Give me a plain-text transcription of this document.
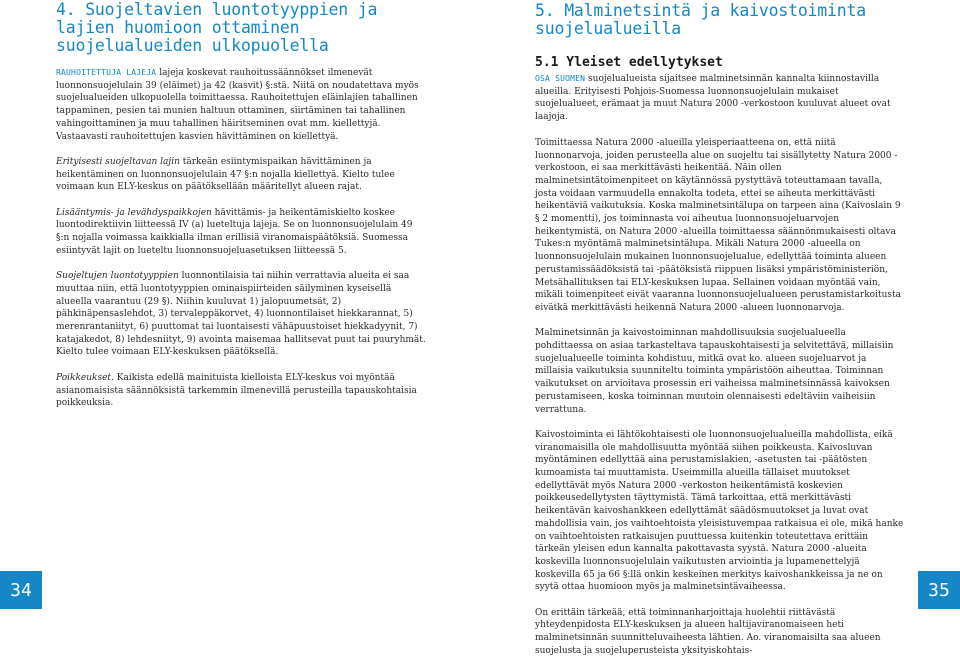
4. Suojeltavien luontotyyppien ja lajien huomioon ottaminen suojelualueiden ulkopuolella

RAUHOITETTUJA LAJEJA lajeja koskevat rauhoitussäännökset ilmenevät luonnonsuojelulain 39 (eläimet) ja 42 (kasvit) §:stä. Niitä on noudatettava myös suojelualueiden ulkopuolella toimittaessa. Rauhoitettujen eläinlajien tahallinen tappaminen, pesien tai munien haltuun ottaminen, siirtäminen tai tahallinen vahingoittaminen ja muu tahallinen häiritseminen ovat mm. kiellettyjä. Vastaavasti rauhoitettujen kasvien hävittäminen on kiellettyä.

Erityisesti suojeltavan lajin tärkeän esiintymispaikan hävittäminen ja heikentäminen on luonnonsuojelulain 47 §:n nojalla kiellettyä. Kielto tulee voimaan kun ELY-keskus on päätöksellään määritellyt alueen rajat.

Lisääntymis- ja levähdyspaikkojen hävittämis- ja heikentämiskielto koskee luontodirektiivin liitteessä IV (a) lueteltuja lajeja. Se on luonnonsuojelulain 49 §:n nojalla voimassa kaikkialla ilman erillisiä viranomaispäätöksiä. Suomessa esiintyvät lajit on lueteltu luonnonsuojeluasetuksen liitteessä 5.

Suojeltujen luontotyyppien luonnontilaisia tai niihin verrattavia alueita ei saa muuttaa niin, että luontotyyppien ominaispiirteiden säilyminen kyseisellä alueella vaarantuu (29 §). Niihin kuuluvat 1) jalopuumetsät, 2) pähkinäpensaslehdot, 3) tervaleppäkorvet, 4) luonnontilaiset hiekkarannat, 5) merenrantaniityt, 6) puuttomat tai luontaisesti vähäpuustoiset hiekkadyynit, 7) katajakedot, 8) lehdesniityt, 9) avointa maisemaa hallitsevat puut tai puuryhmät. Kielto tulee voimaan ELY-keskuksen päätöksellä.

Poikkeukset. Kaikista edellä mainituista kielloista ELY-keskus voi myöntää asianomaisista säännöksistä tarkemmin ilmenevillä perusteilla tapauskohtaisia poikkeuksia.

5. Malminetsintä ja kaivostoiminta suojelualueilla
5.1 Yleiset edellytykset

OSA SUOMEN suojelualueista sijaitsee malminetsinnän kannalta kiinnostavilla alueilla. Erityisesti Pohjois-Suomessa luonnonsuojelulain mukaiset suojelualueet, erämaat ja muut Natura 2000 -verkostoon kuuluvat alueet ovat laajoja.

Toimittaessa Natura 2000 -alueilla yleisperiaatteena on, että niitä luonnonarvoja, joiden perusteella alue on suojeltu tai sisällytetty Natura 2000 -verkostoon, ei saa merkittävästi heikentää. Näin ollen malminetsintätoimenpiteet on käytännössä pystyttävä toteuttamaan tavalla, josta voidaan varmuudella ennakolta todeta, ettei se aiheuta merkittävästi heikentäviä vaikutuksia. Koska malminetsintälupa on tarpeen aina (Kaivoslain 9 § 2 momentti), jos toiminnasta voi aiheutua luonnonsuojeluarvojen heikentymistä, on Natura 2000 -alueilla toimittaessa säännönmukaisesti oltava Tukes:n myöntämä malminetsintälupa. Mikäli Natura 2000 -alueella on luonnonsuojelulain mukainen luonnonsuojelualue, edellyttää toiminta alueen perustamissäädöksistä tai -päätöksistä riippuen lisäksi ympäristöministeriön, Metsähallituksen tai ELY-keskuksen lupaa. Sellainen voidaan myöntää vain, mikäli toimenpiteet eivät vaaranna luonnonsuojelualueen perustamistarkoitusta eivätkä merkittävästi heikennä Natura 2000 -alueen luonnonarvoja.

Malminetsinnän ja kaivostoiminnan mahdollisuuksia suojelualueella pohdittaessa on asiaa tarkasteltava tapauskohtaisesti ja selvitettävä, millaisiin suojelualueelle toiminta kohdistuu, mitkä ovat ko. alueen suojeluarvot ja millaisia vaikutuksia suunniteltu toiminta ympäristöön aiheuttaa. Toiminnan vaikutukset on arvioitava prosessin eri vaiheissa malminetsinnässä kaivoksen perustamiseen, koska toiminnan muutoin olennaisesti edeltäviin vaiheisiin verrattuna.

Kaivostoiminta ei lähtökohtaisesti ole luonnonsuojelualueilla mahdollista, eikä viranomaisilla ole mahdollisuutta myöntää siihen poikkeusta. Kaivosluvan myöntäminen edellyttää aina perustamislakien, -asetusten tai -päätösten kumoamista tai muuttamista. Useimmilla alueilla tällaiset muutokset edellyttävät myös Natura 2000 -verkoston heikentämistä koskevien poikkeusedellytysten täyttymistä. Tämä tarkoittaa, että merkittävästi heikentävän kaivoshankkeen edellyttämät säädösmuutokset ja luvat ovat mahdollisia vain, jos vaihtoehtoista yleisistuvempaa ratkaisua ei ole, mikä hanke on vaihtoehtoisten ratkaisujen puuttuessa kuitenkin toteutettava erittäin tärkeän yleisen edun kannalta pakottavasta syystä. Natura 2000 -alueita koskevilla luonnonsuojelulain vaikutusten arviointia ja lupamenettelyjä koskevilla 65 ja 66 §:llä onkin keskeinen merkitys kaivoshankkeissa ja ne on syytä ottaa huomioon myös ja malminetsintävaiheessa.

On erittäin tärkeää, että toiminnanharjoittaja huolehtii riittävästä yhteydenpidosta ELY-keskuksen ja alueen haltijaviranomaiseen heti malminetsinnän suunnitteluvaiheesta lähtien. Ao. viranomaisilta saa alueen suojelusta ja suojeluperusteista yksityiskohtais-

34	35
